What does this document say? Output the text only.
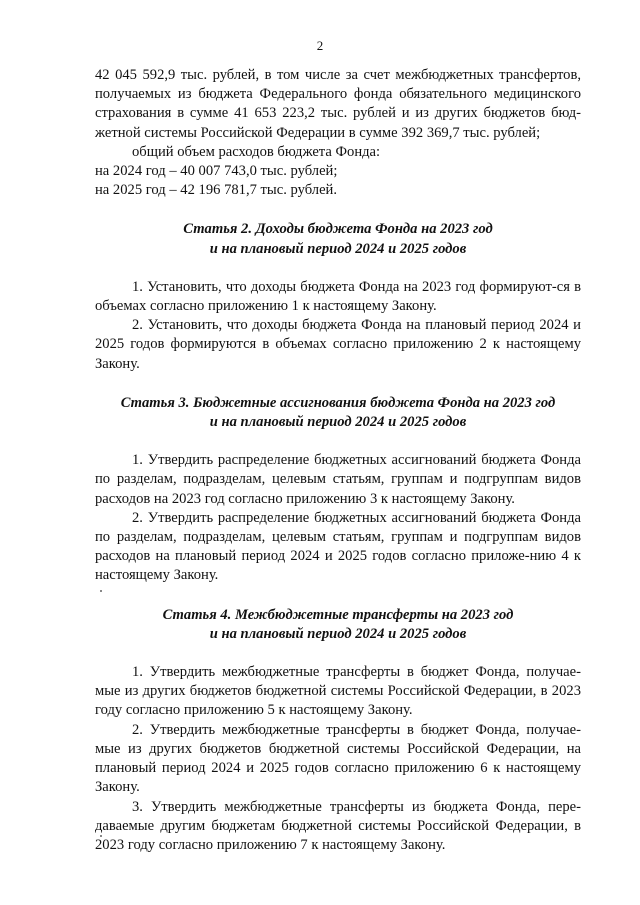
2
42 045 592,9 тыс. рублей, в том числе за счет межбюджетных трансфертов,
получаемых из бюджета Федерального фонда обязательного медицинского
страхования в сумме 41 653 223,2 тыс. рублей и из других бюджетов бюд-
жетной системы Российской Федерации в сумме 392 369,7 тыс. рублей;
общий объем расходов бюджета Фонда:
на 2024 год – 40 007 743,0 тыс. рублей;
на 2025 год – 42 196 781,7 тыс. рублей.
Статья 2. Доходы бюджета Фонда на 2023 год
и на плановый период 2024 и 2025 годов

1. Установить, что доходы бюджета Фонда на 2023 год формируют-ся в объемах согласно приложению 1 к настоящему Закону.

2. Установить, что доходы бюджета Фонда на плановый период 2024 и 2025 годов формируются в объемах согласно приложению 2 к настоящему Закону.

Статья 3. Бюджетные ассигнования бюджета Фонда на 2023 год
и на плановый период 2024 и 2025 годов

1. Утвердить распределение бюджетных ассигнований бюджета Фонда по разделам, подразделам, целевым статьям, группам и подгруппам видов расходов на 2023 год согласно приложению 3 к настоящему Закону.

2. Утвердить распределение бюджетных ассигнований бюджета Фонда по разделам, подразделам, целевым статьям, группам и подгруппам видов расходов на плановый период 2024 и 2025 годов согласно приложе-нию 4 к настоящему Закону.

Статья 4. Межбюджетные трансферты на 2023 год
и на плановый период 2024 и 2025 годов

1. Утвердить межбюджетные трансферты в бюджет Фонда, получае-мые из других бюджетов бюджетной системы Российской Федерации, в 2023 году согласно приложению 5 к настоящему Закону.

2. Утвердить межбюджетные трансферты в бюджет Фонда, получае-мые из других бюджетов бюджетной системы Российской Федерации, на плановый период 2024 и 2025 годов согласно приложению 6 к настоящему Закону.

3. Утвердить межбюджетные трансферты из бюджета Фонда, пере-даваемые другим бюджетам бюджетной системы Российской Федерации, в 2023 году согласно приложению 7 к настоящему Закону.
